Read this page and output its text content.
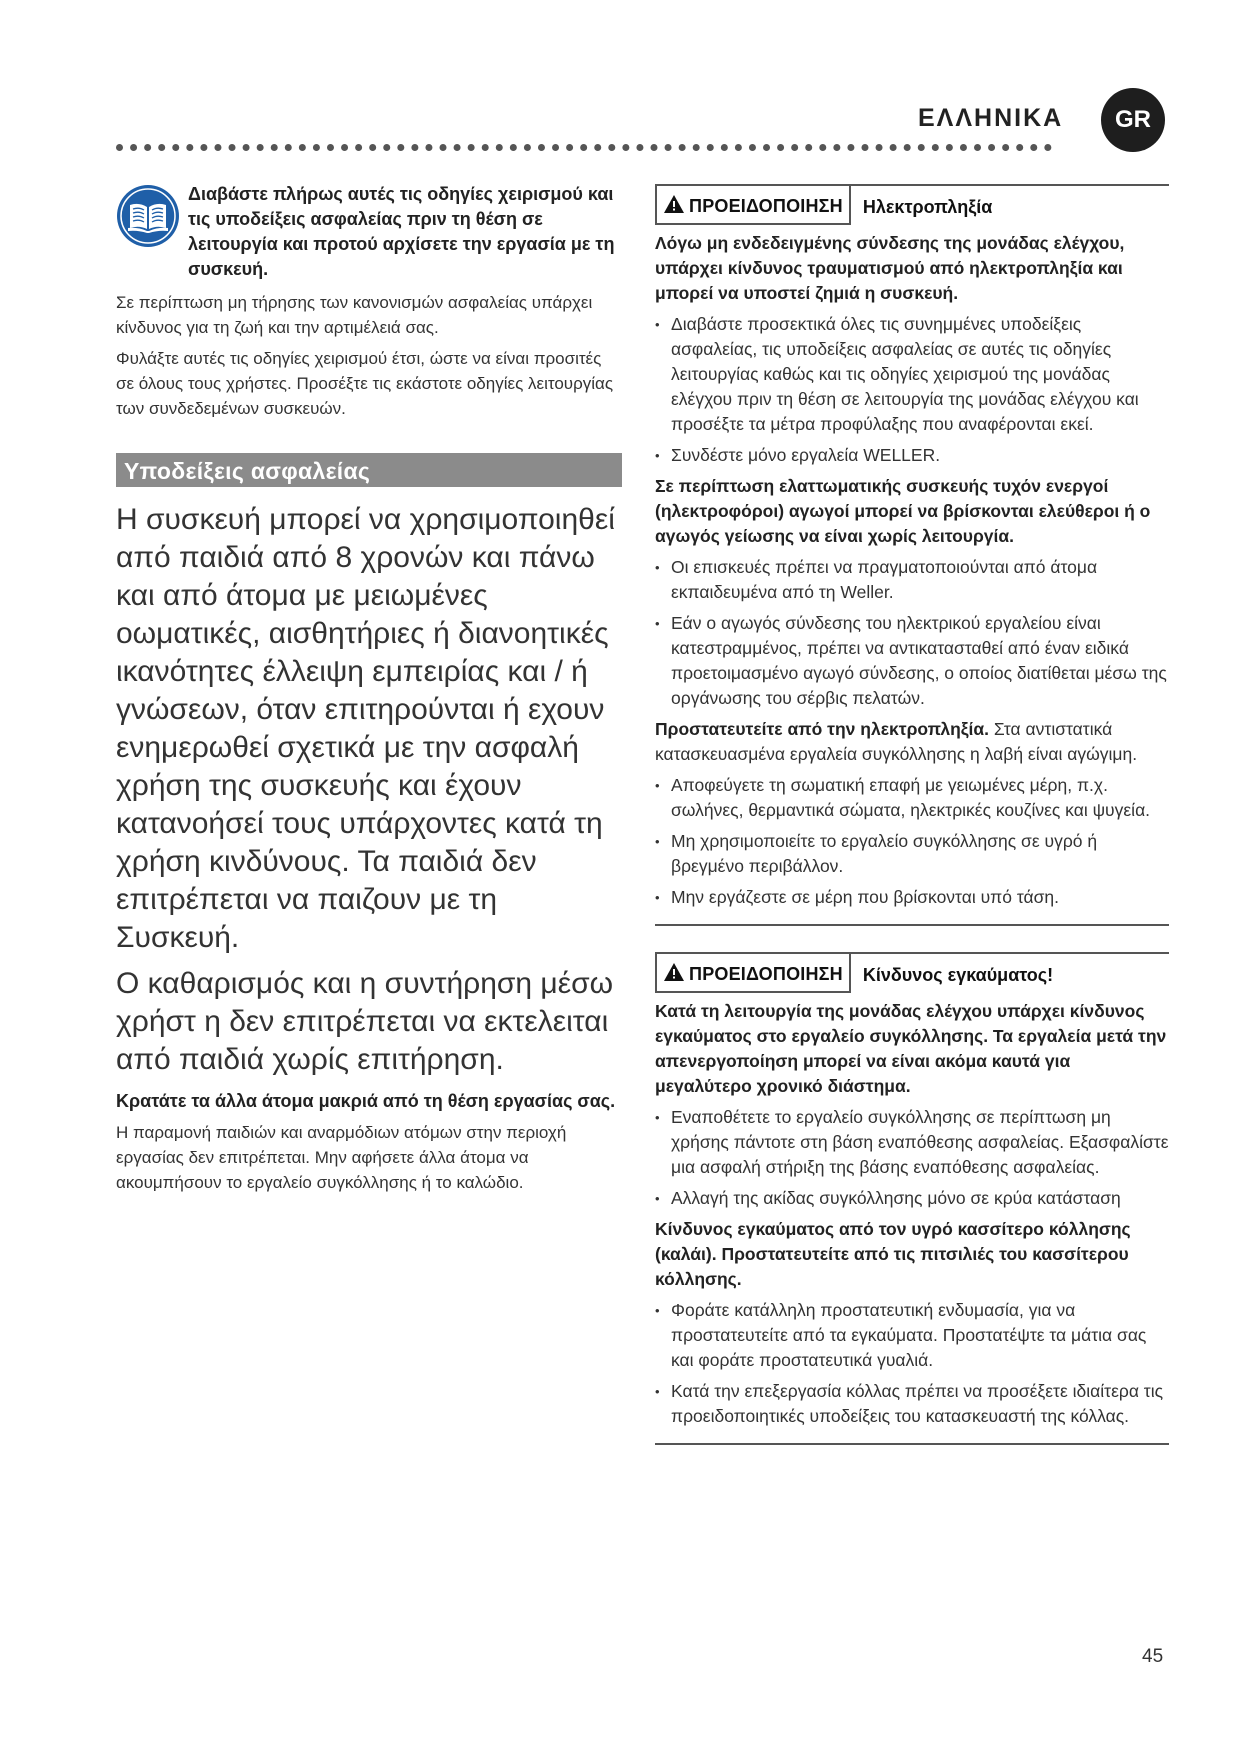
ΕΛΛΗΝΙΚΑ	GR

Διαβάστε πλήρως αυτές τις οδηγίες χειρισμού και τις υποδείξεις ασφαλείας πριν τη θέση σε λειτουργία και προτού αρχίσετε την εργασία με τη συσκευή.

Σε περίπτωση μη τήρησης των κανονισμών ασφαλείας υπάρχει κίνδυνος για τη ζωή και την αρτιμέλειά σας.

Φυλάξτε αυτές τις οδηγίες χειρισμού έτσι, ώστε να είναι προσιτές σε όλους τους χρήστες. Προσέξτε τις εκάστοτε οδηγίες λειτουργίας των συνδεδεμένων συσκευών.

Υποδείξεις ασφαλείας

Η συσκευή μπορεί να χρησιμοποιηθεί από παιδιά από 8 χρονών και πάνω και από άτομα με μειωμένες οωματικές, αισθητήριες ή διανοητικές ικανότητες έλλειψη εμπειρίας και / ή γνώσεων, όταν επιτηρούνται ή εχουν ενημερωθεί σχετικά με την ασφαλή χρήση της συσκευής και έχουν κατανοήσεί τους υπάρχοντες κατά τη χρήση κινδύνους. Τα παιδιά δεν επιτρέπεται να παιζουν με τη Συσκευή.

Ο καθαρισμός και η συντήρηση μέσω χρήστ η δεν επιτρέπεται να εκτελειται από παιδιά χωρίς επιτήρηση.

Κρατάτε τα άλλα άτομα μακριά από τη θέση εργασίας σας.

Η παραμονή παιδιών και αναρμόδιων ατόμων στην περιοχή εργασίας δεν επιτρέπεται. Μην αφήσετε άλλα άτομα να ακουμπήσουν το εργαλείο συγκόλλησης ή το καλώδιο.

ΠΡΟΕΙΔΟΠΟΙΗΣΗ	Ηλεκτροπληξία

Λόγω μη ενδεδειγμένης σύνδεσης της μονάδας ελέγχου, υπάρχει κίνδυνος τραυματισμού από ηλεκτροπληξία και μπορεί να υποστεί ζημιά η συσκευή.

• Διαβάστε προσεκτικά όλες τις συνημμένες υποδείξεις ασφαλείας, τις υποδείξεις ασφαλείας σε αυτές τις οδηγίες λειτουργίας καθώς και τις οδηγίες χειρισμού της μονάδας ελέγχου πριν τη θέση σε λειτουργία της μονάδας ελέγχου και προσέξτε τα μέτρα προφύλαξης που αναφέρονται εκεί.
• Συνδέστε μόνο εργαλεία WELLER.

Σε περίπτωση ελαττωματικής συσκευής τυχόν ενεργοί (ηλεκτροφόροι) αγωγοί μπορεί να βρίσκονται ελεύθεροι ή ο αγωγός γείωσης να είναι χωρίς λειτουργία.

• Οι επισκευές πρέπει να πραγματοποιούνται από άτομα εκπαιδευμένα από τη Weller.
• Εάν ο αγωγός σύνδεσης του ηλεκτρικού εργαλείου είναι κατεστραμμένος, πρέπει να αντικατασταθεί από έναν ειδικά προετοιμασμένο αγωγό σύνδεσης, ο οποίος διατίθεται μέσω της οργάνωσης του σέρβις πελατών.

Προστατευτείτε από την ηλεκτροπληξία. Στα αντιστατικά κατασκευασμένα εργαλεία συγκόλλησης η λαβή είναι αγώγιμη.

• Αποφεύγετε τη σωματική επαφή με γειωμένες μέρη, π.χ. σωλήνες, θερμαντικά σώματα, ηλεκτρικές κουζίνες και ψυγεία.
• Μη χρησιμοποιείτε το εργαλείο συγκόλλησης σε υγρό ή βρεγμένο περιβάλλον.
• Μην εργάζεστε σε μέρη που βρίσκονται υπό τάση.
ΠΡΟΕΙΔΟΠΟΙΗΣΗ	Κίνδυνος εγκαύματος!

Κατά τη λειτουργία της μονάδας ελέγχου υπάρχει κίνδυνος εγκαύματος στο εργαλείο συγκόλλησης. Τα εργαλεία μετά την απενεργοποίηση μπορεί να είναι ακόμα καυτά για μεγαλύτερο χρονικό διάστημα.

• Εναποθέτετε το εργαλείο συγκόλλησης σε περίπτωση μη χρήσης πάντοτε στη βάση εναπόθεσης ασφαλείας. Εξασφαλίστε μια ασφαλή στήριξη της βάσης εναπόθεσης ασφαλείας.
• Αλλαγή της ακίδας συγκόλλησης μόνο σε κρύα κατάσταση

Κίνδυνος εγκαύματος από τον υγρό κασσίτερο κόλλησης (καλάι). Προστατευτείτε από τις πιτσιλιές του κασσίτερου κόλλησης.

• Φοράτε κατάλληλη προστατευτική ενδυμασία, για να προστατευτείτε από τα εγκαύματα. Προστατέψτε τα μάτια σας και φοράτε προστατευτικά γυαλιά.
• Κατά την επεξεργασία κόλλας πρέπει να προσέξετε ιδιαίτερα τις προειδοποιητικές υποδείξεις του κατασκευαστή της κόλλας.
45
